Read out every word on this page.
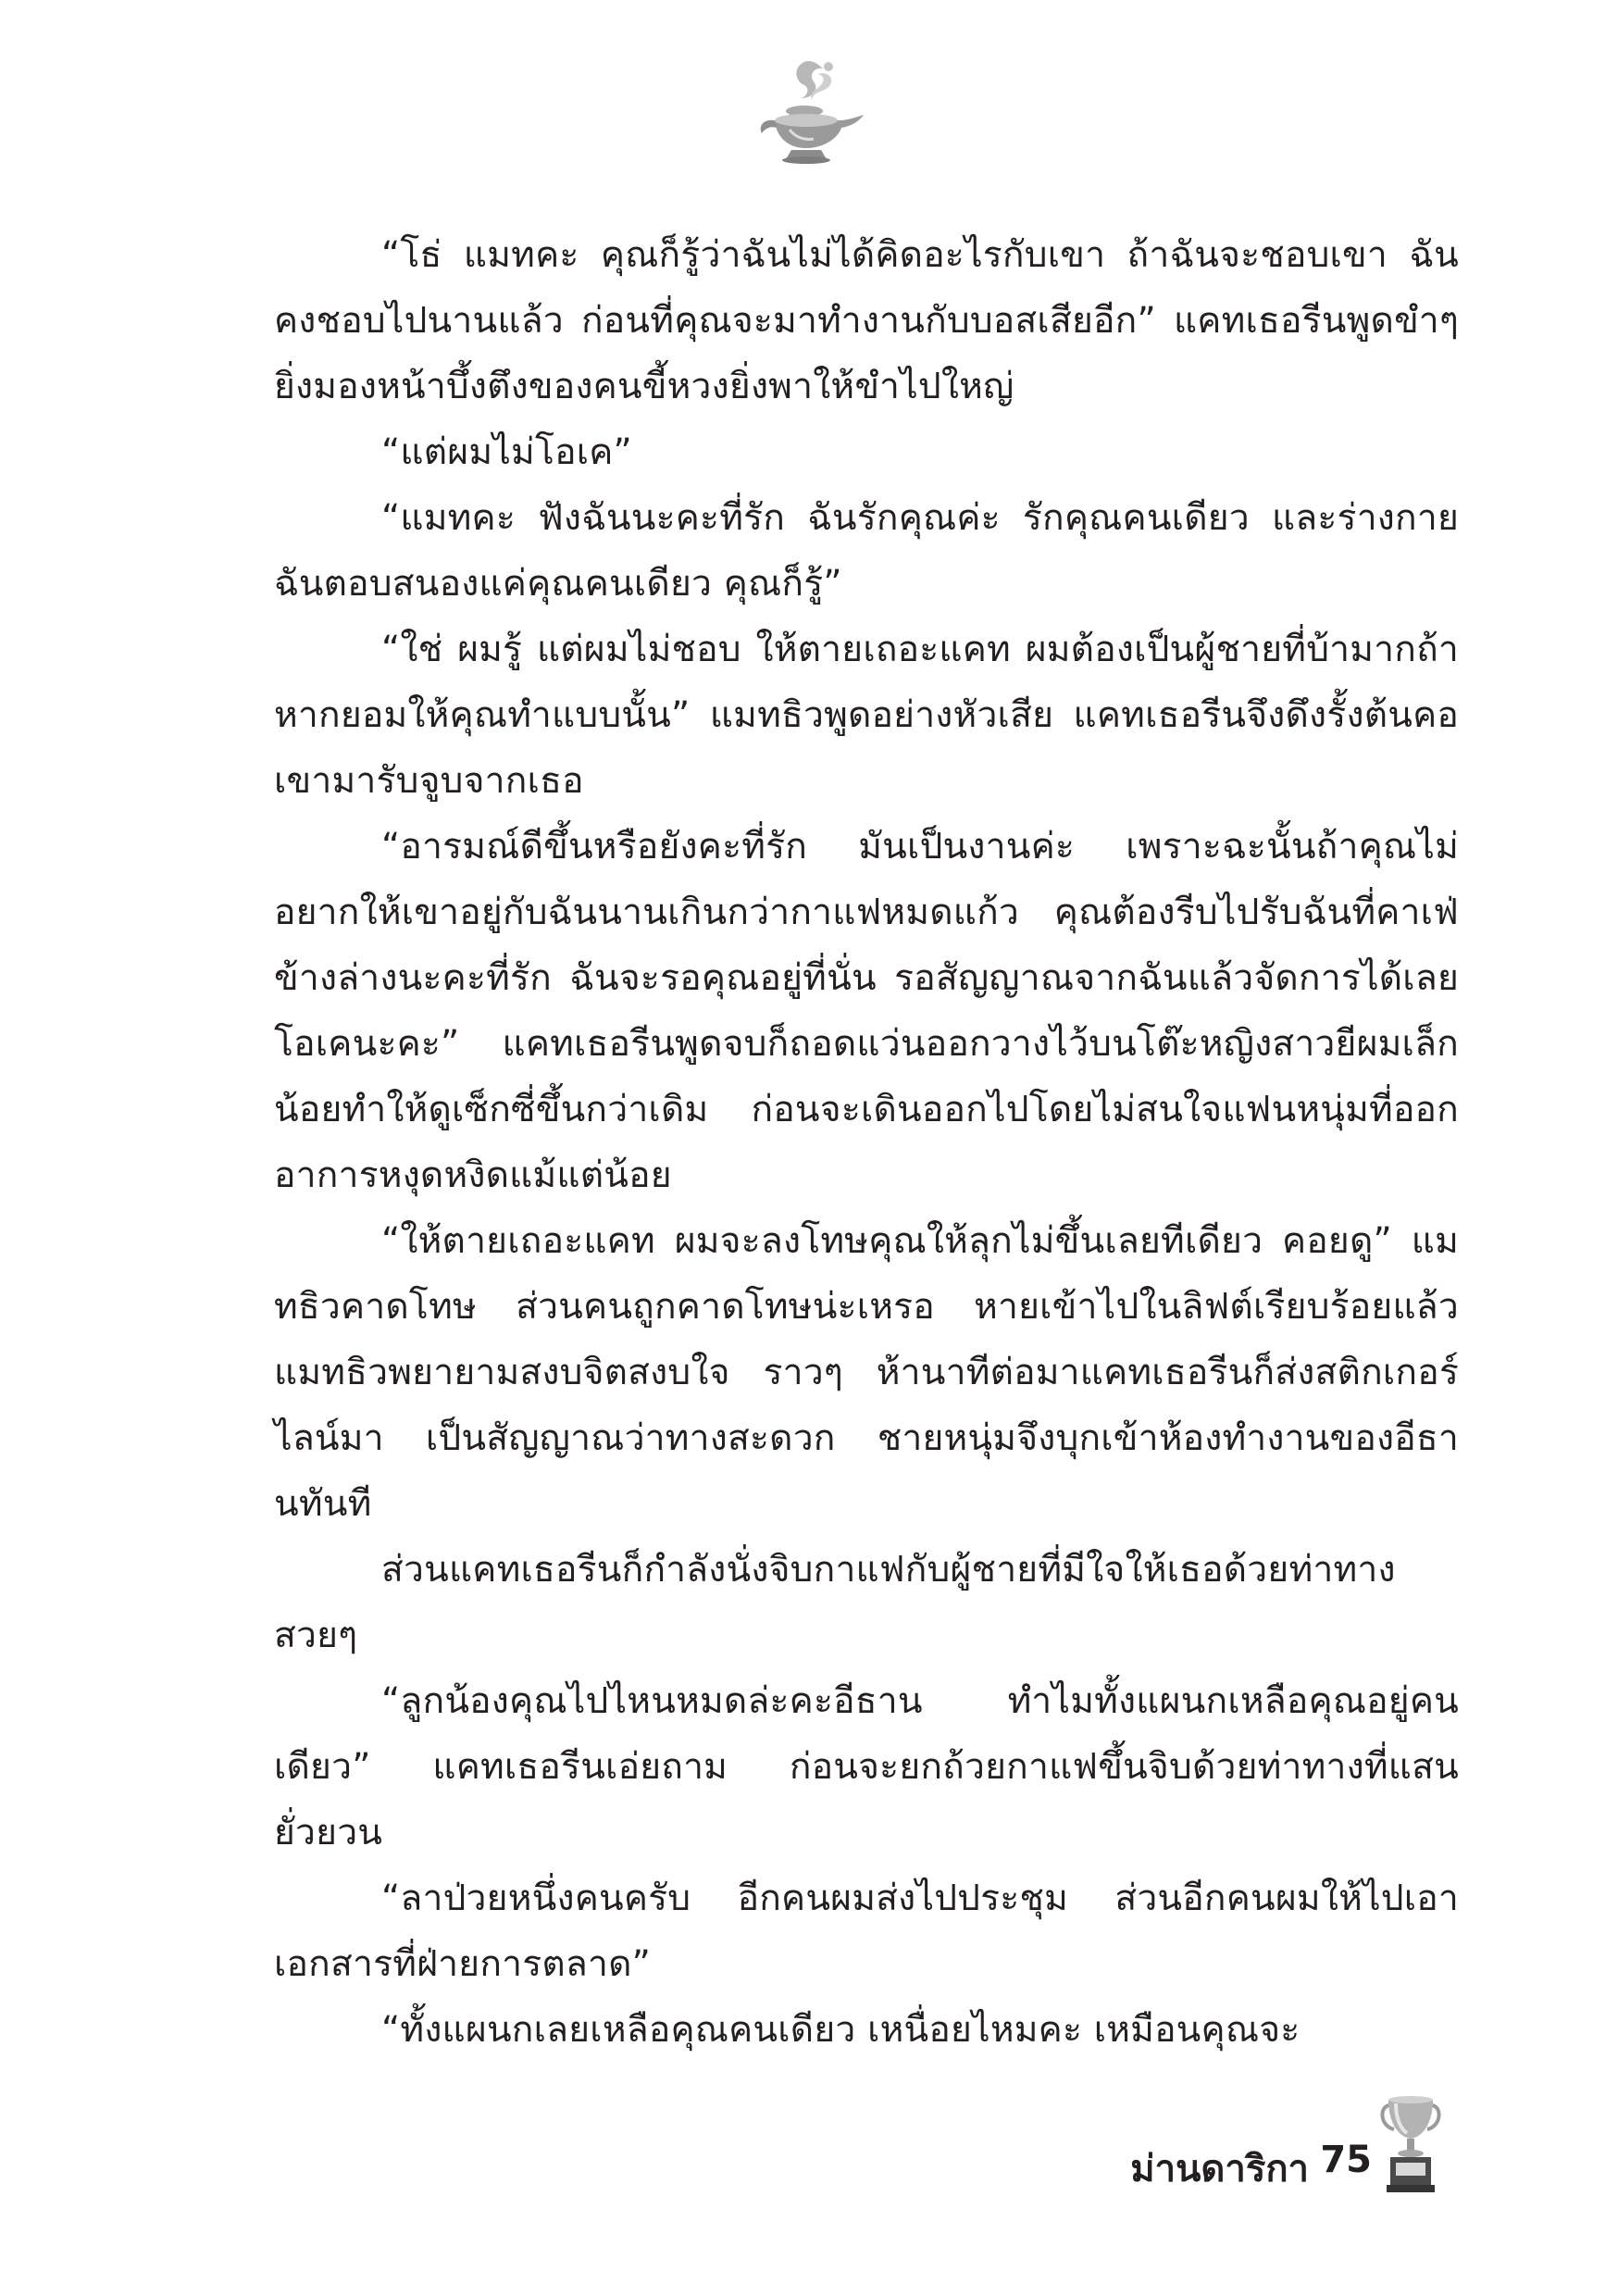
“โธ่ แมทคะ คุณก็รู้ว่าฉันไม่ได้คิดอะไรกับเขา ถ้าฉันจะชอบเขา ฉันคงชอบไปนานแล้ว ก่อนที่คุณจะมาทำงานกับบอสเสียอีก” แคทเธอรีนพูดขำๆ ยิ่งมองหน้าบึ้งตึงของคนขี้หวงยิ่งพาให้ขำไปใหญ่

“แต่ผมไม่โอเค”

“แมทคะ ฟังฉันนะคะที่รัก ฉันรักคุณค่ะ รักคุณคนเดียว และร่างกายฉันตอบสนองแค่คุณคนเดียว คุณก็รู้”

“ใช่ ผมรู้ แต่ผมไม่ชอบ ให้ตายเถอะแคท ผมต้องเป็นผู้ชายที่บ้ามากถ้าหากยอมให้คุณทำแบบนั้น” แมทธิวพูดอย่างหัวเสีย แคทเธอรีนจึงดึงรั้งต้นคอเขามารับจูบจากเธอ

“อารมณ์ดีขึ้นหรือยังคะที่รัก มันเป็นงานค่ะ เพราะฉะนั้นถ้าคุณไม่อยากให้เขาอยู่กับฉันนานเกินกว่ากาแฟหมดแก้ว คุณต้องรีบไปรับฉันที่คาเฟ่ข้างล่างนะคะที่รัก ฉันจะรอคุณอยู่ที่นั่น รอสัญญาณจากฉันแล้วจัดการได้เลย โอเคนะคะ” แคทเธอรีนพูดจบก็ถอดแว่นออกวางไว้บนโต๊ะหญิงสาวยีผมเล็กน้อยทำให้ดูเซ็กซี่ขึ้นกว่าเดิม ก่อนจะเดินออกไปโดยไม่สนใจแฟนหนุ่มที่ออกอาการหงุดหงิดแม้แต่น้อย

“ให้ตายเถอะแคท ผมจะลงโทษคุณให้ลุกไม่ขึ้นเลยทีเดียว คอยดู” แมทธิวคาดโทษ ส่วนคนถูกคาดโทษน่ะเหรอ หายเข้าไปในลิฟต์เรียบร้อยแล้ว แมทธิวพยายามสงบจิตสงบใจ ราวๆ ห้านาทีต่อมาแคทเธอรีนก็ส่งสติกเกอร์ไลน์มา เป็นสัญญาณว่าทางสะดวก ชายหนุ่มจึงบุกเข้าห้องทำงานของอีธานทันที

ส่วนแคทเธอรีนก็กำลังนั่งจิบกาแฟกับผู้ชายที่มีใจให้เธอด้วยท่าทางสวยๆ

“ลูกน้องคุณไปไหนหมดล่ะคะอีธาน ทำไมทั้งแผนกเหลือคุณอยู่คนเดียว” แคทเธอรีนเอ่ยถาม ก่อนจะยกถ้วยกาแฟขึ้นจิบด้วยท่าทางที่แสนยั่วยวน

“ลาป่วยหนึ่งคนครับ อีกคนผมส่งไปประชุม ส่วนอีกคนผมให้ไปเอาเอกสารที่ฝ่ายการตลาด”

“ทั้งแผนกเลยเหลือคุณคนเดียว เหนื่อยไหมคะ เหมือนคุณจะ

ม่านดาริกา 75
